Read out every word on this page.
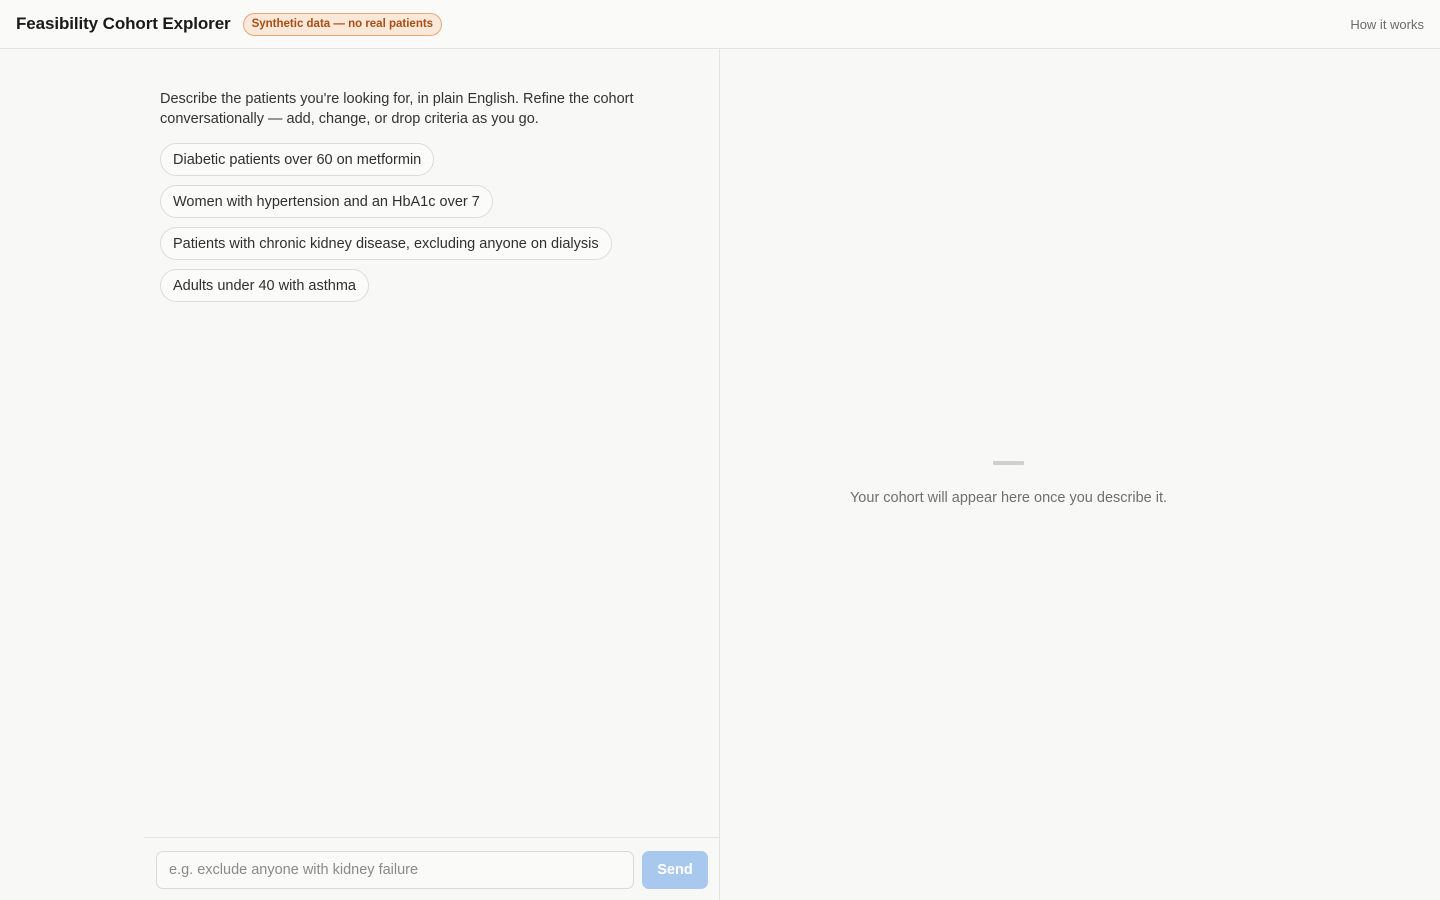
Feasibility Cohort Explorer	Synthetic data — no real patients	How it works

Describe the patients you're looking for, in plain English. Refine the cohort conversationally — add, change, or drop criteria as you go.

Diabetic patients over 60 on metformin
Women with hypertension and an HbA1c over 7
Patients with chronic kidney disease, excluding anyone on dialysis
Adults under 40 with asthma
e.g. exclude anyone with kidney failure
Send

Your cohort will appear here once you describe it.
